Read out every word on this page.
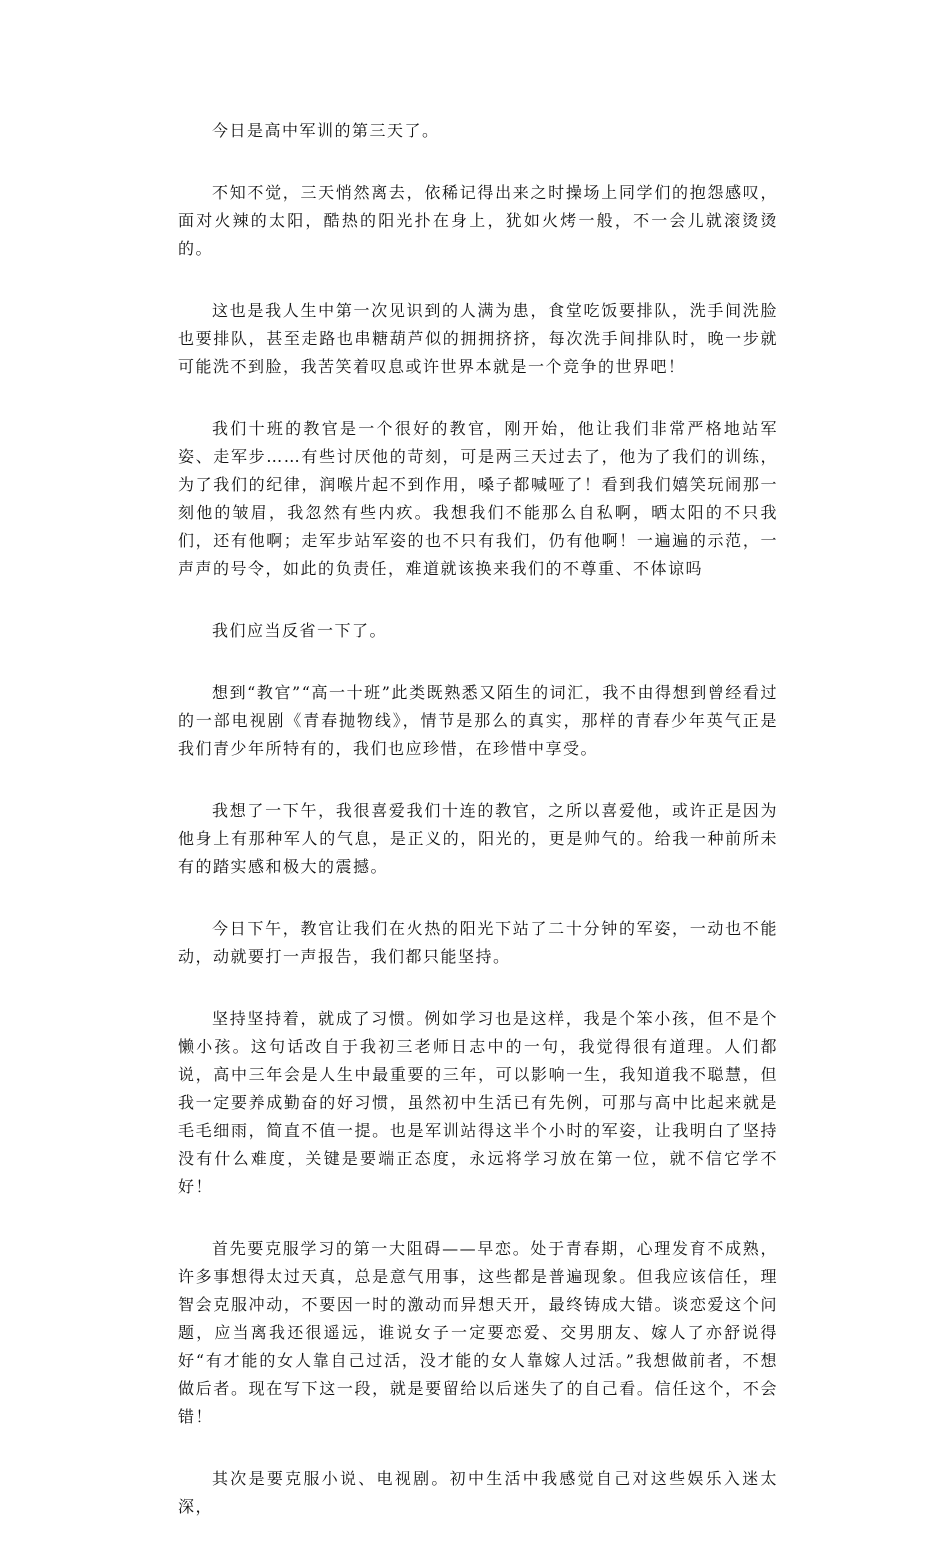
今日是高中军训的第三天了。

不知不觉，三天悄然离去，依稀记得出来之时操场上同学们的抱怨感叹，面对火辣的太阳，酷热的阳光扑在身上，犹如火烤一般，不一会儿就滚烫烫的。

这也是我人生中第一次见识到的人满为患，食堂吃饭要排队，洗手间洗脸也要排队，甚至走路也串糖葫芦似的拥拥挤挤，每次洗手间排队时，晚一步就可能洗不到脸，我苦笑着叹息或许世界本就是一个竞争的世界吧！

我们十班的教官是一个很好的教官，刚开始，他让我们非常严格地站军姿、走军步……有些讨厌他的苛刻，可是两三天过去了，他为了我们的训练，为了我们的纪律，润喉片起不到作用，嗓子都喊哑了！看到我们嬉笑玩闹那一刻他的皱眉，我忽然有些内疚。我想我们不能那么自私啊，晒太阳的不只我们，还有他啊；走军步站军姿的也不只有我们，仍有他啊！一遍遍的示范，一声声的号令，如此的负责任，难道就该换来我们的不尊重、不体谅吗

我们应当反省一下了。

想到“教官”“高一十班”此类既熟悉又陌生的词汇，我不由得想到曾经看过的一部电视剧《青春抛物线》，情节是那么的真实，那样的青春少年英气正是我们青少年所特有的，我们也应珍惜，在珍惜中享受。

我想了一下午，我很喜爱我们十连的教官，之所以喜爱他，或许正是因为他身上有那种军人的气息，是正义的，阳光的，更是帅气的。给我一种前所未有的踏实感和极大的震撼。

今日下午，教官让我们在火热的阳光下站了二十分钟的军姿，一动也不能动，动就要打一声报告，我们都只能坚持。

坚持坚持着，就成了习惯。例如学习也是这样，我是个笨小孩，但不是个懒小孩。这句话改自于我初三老师日志中的一句，我觉得很有道理。人们都说，高中三年会是人生中最重要的三年，可以影响一生，我知道我不聪慧，但我一定要养成勤奋的好习惯，虽然初中生活已有先例，可那与高中比起来就是毛毛细雨，简直不值一提。也是军训站得这半个小时的军姿，让我明白了坚持没有什么难度，关键是要端正态度，永远将学习放在第一位，就不信它学不好！

首先要克服学习的第一大阻碍——早恋。处于青春期，心理发育不成熟，许多事想得太过天真，总是意气用事，这些都是普遍现象。但我应该信任，理智会克服冲动，不要因一时的激动而异想天开，最终铸成大错。谈恋爱这个问题，应当离我还很遥远，谁说女子一定要恋爱、交男朋友、嫁人了亦舒说得好“有才能的女人靠自己过活，没才能的女人靠嫁人过活。”我想做前者，不想做后者。现在写下这一段，就是要留给以后迷失了的自己看。信任这个，不会错！

其次是要克服小说、电视剧。初中生活中我感觉自己对这些娱乐入迷太深，
